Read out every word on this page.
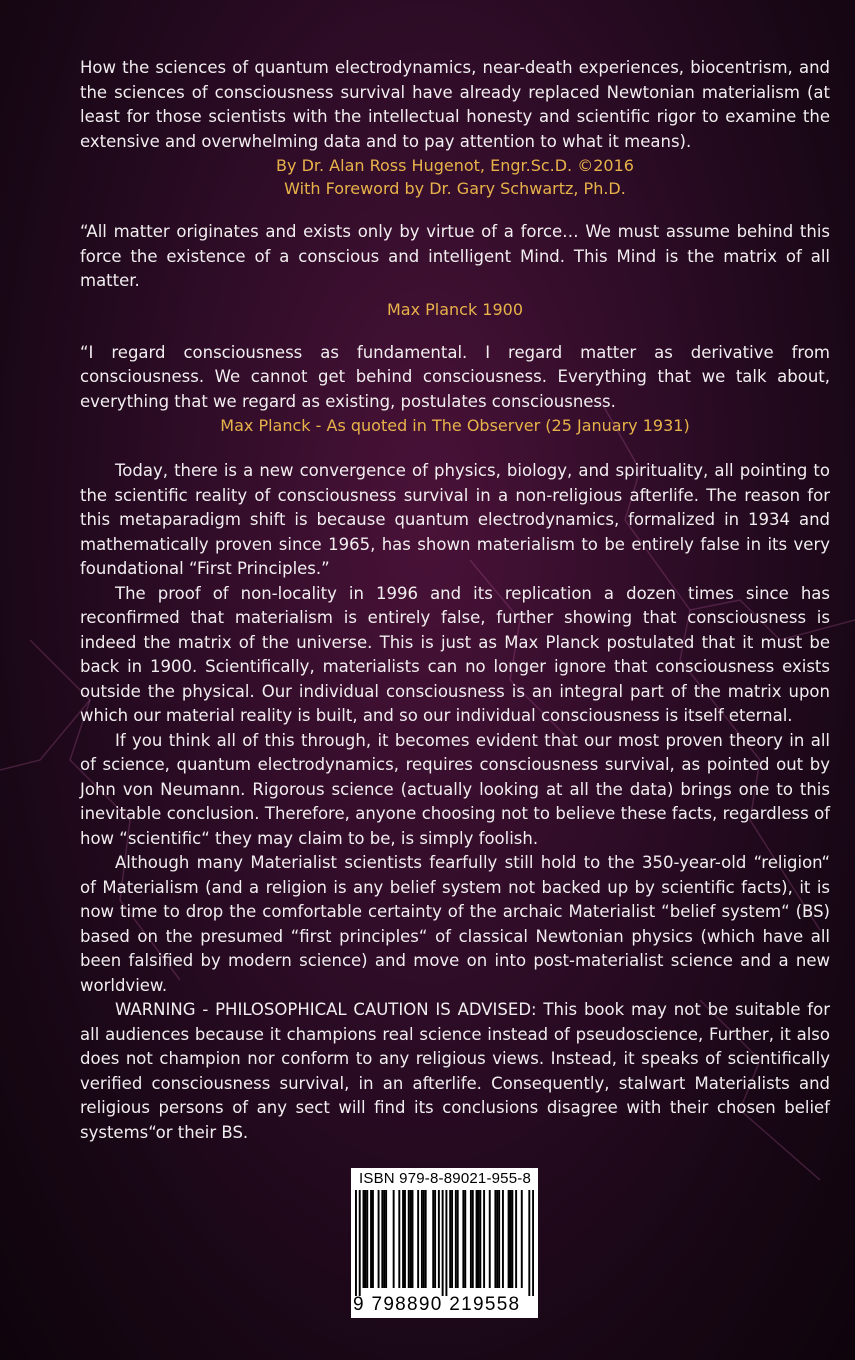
How the sciences of quantum electrodynamics, near-death experiences, biocentrism, and the sciences of consciousness survival have already replaced Newtonian materialism (at least for those scientists with the intellectual honesty and scientific rigor to examine the extensive and overwhelming data and to pay attention to what it means).

By Dr. Alan Ross Hugenot, Engr.Sc.D. ©2016

With Foreword by Dr. Gary Schwartz, Ph.D.

“All matter originates and exists only by virtue of a force… We must assume behind this force the existence of a conscious and intelligent Mind. This Mind is the matrix of all matter.

Max Planck 1900

“I regard consciousness as fundamental. I regard matter as derivative from consciousness. We cannot get behind consciousness. Everything that we talk about, everything that we regard as existing, postulates consciousness.

Max Planck - As quoted in The Observer (25 January 1931)

Today, there is a new convergence of physics, biology, and spirituality, all pointing to the scientific reality of consciousness survival in a non-religious afterlife. The reason for this metaparadigm shift is because quantum electrodynamics, formalized in 1934 and mathematically proven since 1965, has shown materialism to be entirely false in its very foundational “First Principles.”

The proof of non-locality in 1996 and its replication a dozen times since has reconfirmed that materialism is entirely false, further showing that consciousness is indeed the matrix of the universe. This is just as Max Planck postulated that it must be back in 1900. Scientifically, materialists can no longer ignore that consciousness exists outside the physical. Our individual consciousness is an integral part of the matrix upon which our material reality is built, and so our individual consciousness is itself eternal.

If you think all of this through, it becomes evident that our most proven theory in all of science, quantum electrodynamics, requires consciousness survival, as pointed out by John von Neumann. Rigorous science (actually looking at all the data) brings one to this inevitable conclusion. Therefore, anyone choosing not to believe these facts, regardless of how “scientific“ they may claim to be, is simply foolish.

Although many Materialist scientists fearfully still hold to the 350-year-old “religion“ of Materialism (and a religion is any belief system not backed up by scientific facts), it is now time to drop the comfortable certainty of the archaic Materialist “belief system“ (BS) based on the presumed “first principles“ of classical Newtonian physics (which have all been falsified by modern science) and move on into post-materialist science and a new worldview.

WARNING - PHILOSOPHICAL CAUTION IS ADVISED: This book may not be suitable for all audiences because it champions real science instead of pseudoscience, Further, it also does not champion nor conform to any religious views. Instead, it speaks of scientifically verified consciousness survival, in an afterlife. Consequently, stalwart Materialists and religious persons of any sect will find its conclusions disagree with their chosen belief systems“or their BS.

ISBN 979-8-89021-955-8
9 798890 219558
